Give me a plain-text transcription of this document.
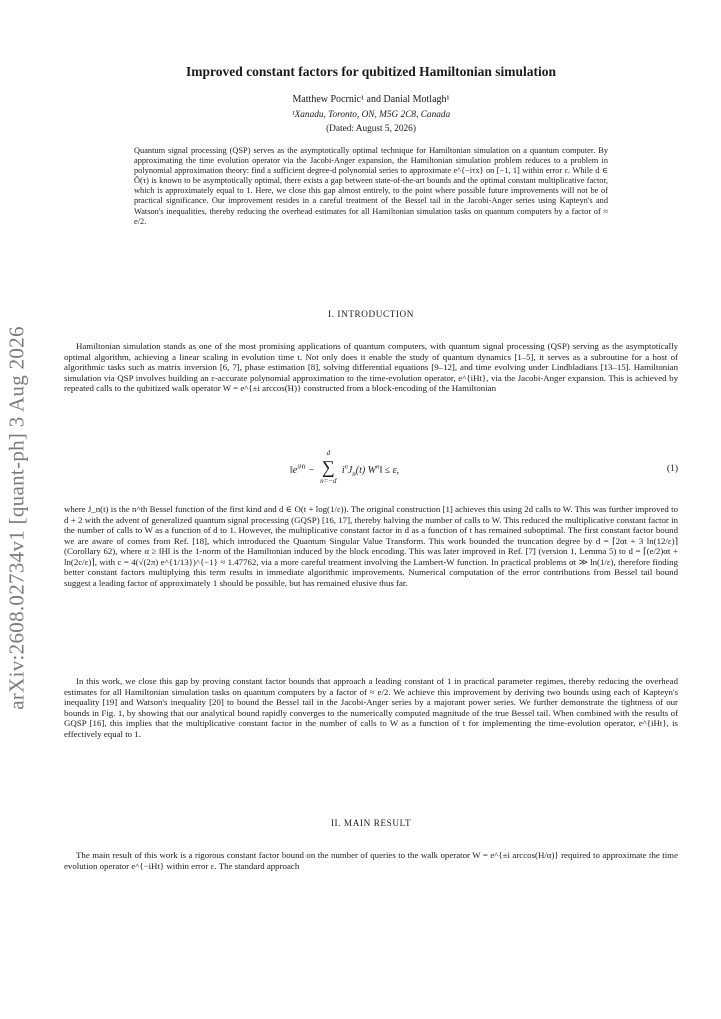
arXiv:2608.02734v1 [quant-ph] 3 Aug 2026
Improved constant factors for qubitized Hamiltonian simulation
Matthew Pocrnic¹ and Danial Motlagh¹
¹Xanadu, Toronto, ON, M5G 2C8, Canada
(Dated: August 5, 2026)
Quantum signal processing (QSP) serves as the asymptotically optimal technique for Hamiltonian simulation on a quantum computer. By approximating the time evolution operator via the Jacobi-Anger expansion, the Hamiltonian simulation problem reduces to a problem in polynomial approximation theory: find a sufficient degree-d polynomial series to approximate e^{−iτx} on [−1, 1] within error ε. While d ∈ Õ(τ) is known to be asymptotically optimal, there exists a gap between state-of-the-art bounds and the optimal constant multiplicative factor, which is approximately equal to 1. Here, we close this gap almost entirely, to the point where possible future improvements will not be of practical significance. Our improvement resides in a careful treatment of the Bessel tail in the Jacobi-Anger series using Kapteyn's and Watson's inequalities, thereby reducing the overhead estimates for all Hamiltonian simulation tasks on quantum computers by a factor of ≈ e/2.
I. INTRODUCTION
Hamiltonian simulation stands as one of the most promising applications of quantum computers, with quantum signal processing (QSP) serving as the asymptotically optimal algorithm, achieving a linear scaling in evolution time t. Not only does it enable the study of quantum dynamics [1–5], it serves as a subroutine for a host of algorithmic tasks such as matrix inversion [6, 7], phase estimation [8], solving differential equations [9–12], and time evolving under Lindbladians [13–15]. Hamiltonian simulation via QSP involves building an ε-accurate polynomial approximation to the time-evolution operator, e^{iHt}, via the Jacobi-Anger expansion. This is achieved by repeated calls to the qubitized walk operator W = e^{±i arccos(H)} constructed from a block-encoding of the Hamiltonian
$‖e^{iHt}$ −
d
∑
n=−d
$i^nJ_n(t)$ $W^n‖ \le \varepsilon$,	(1)
where J_n(t) is the n^th Bessel function of the first kind and d ∈ O(t + log(1/ε)). The original construction [1] achieves this using 2d calls to W. This was further improved to d + 2 with the advent of generalized quantum signal processing (GQSP) [16, 17], thereby halving the number of calls to W. This reduced the multiplicative constant factor in the number of calls to W as a function of d to 1. However, the multiplicative constant factor in d as a function of t has remained suboptimal. The first constant factor bound we are aware of comes from Ref. [18], which introduced the Quantum Singular Value Transform. This work bounded the truncation degree by d = ⌈2αt + 3 ln(12/ε)⌉ (Corollary 62), where α ≥ ‖H‖ is the 1-norm of the Hamiltonian induced by the block encoding. This was later improved in Ref. [7] (version 1, Lemma 5) to d = ⌈(e/2)αt + ln(2c/ε)⌉, with c = 4(√(2π) e^{1/13})^{−1} ≈ 1.47762, via a more careful treatment involving the Lambert-W function. In practical problems αt ≫ ln(1/ε), therefore finding better constant factors multiplying this term results in immediate algorithmic improvements. Numerical computation of the error contributions from Bessel tail bound suggest a leading factor of approximately 1 should be possible, but has remained elusive thus far.
In this work, we close this gap by proving constant factor bounds that approach a leading constant of 1 in practical parameter regimes, thereby reducing the overhead estimates for all Hamiltonian simulation tasks on quantum computers by a factor of ≈ e/2. We achieve this improvement by deriving two bounds using each of Kapteyn's inequality [19] and Watson's inequality [20] to bound the Bessel tail in the Jacobi-Anger series by a majorant power series. We further demonstrate the tightness of our bounds in Fig. 1, by showing that our analytical bound rapidly converges to the numerically computed magnitude of the true Bessel tail. When combined with the results of GQSP [16], this implies that the multiplicative constant factor in the number of calls to W as a function of t for implementing the time-evolution operator, e^{iHt}, is effectively equal to 1.
II. MAIN RESULT
The main result of this work is a rigorous constant factor bound on the number of queries to the walk operator W = e^{±i arccos(H/α)} required to approximate the time evolution operator e^{−iHt} within error ε. The standard approach
